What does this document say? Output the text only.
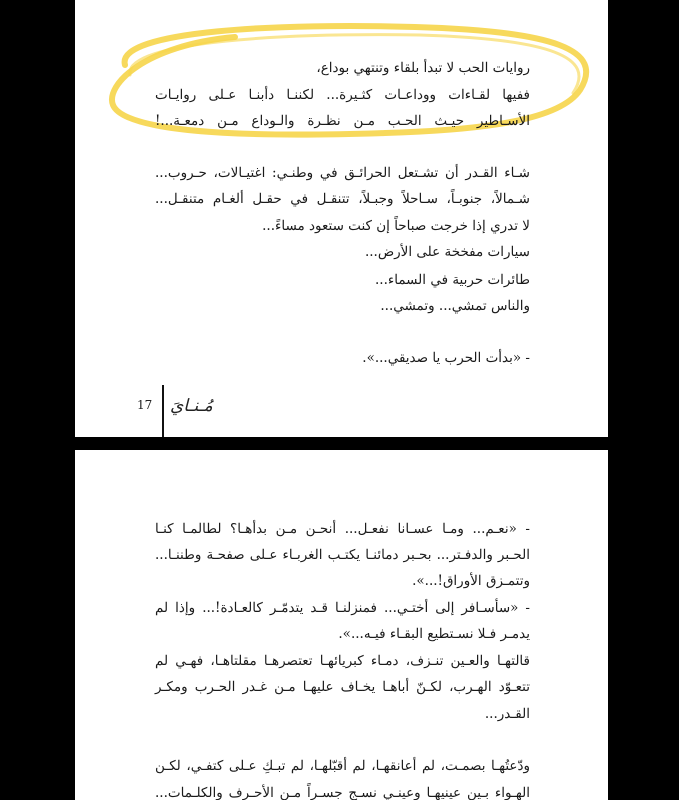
روايات الحب لا تبدأ بلقاء وتنتهي بوداع،
ففيها لقـاءات ووداعـات كثـيرة... لكننـا دأبنـا عـلى روايـات
الأسـاطير حيـث الحـب مـن نظـرة والـوداع مـن دمعـة...!
شـاء القـدر أن تشـتعل الحرائـق في وطنـي: اغتيـالات، حـروب...
شـمالاً، جنوبـاً، سـاحلاً وجبـلاً، تتنقـل في حقـل ألغـام متنقـل...
لا تدري إذا خرجت صباحاً إن كنت ستعود مساءً...
سيارات مفخخة على الأرض...
طائرات حربية في السماء...
والناس تمشي... وتمشي...
- «بدأت الحرب يا صديقي...».
17 مُـنـايَ
- «نعـم... ومـا عسـانا نفعـل... أنحـن مـن بدأهـا؟ لطالمـا كنـا
الحـبر والدفـتر... بحـبر دمائنـا يكتـب الغربـاء عـلى صفحـة وطننـا...
وتتمـزق الأوراق!...».
- «سأسـافر إلى أختـي... فمنزلنـا قـد يتدمّـر كالعـادة!... وإذا لم
يدمـر فـلا نسـتطيع البقـاء فيـه...».
قالتهـا والعـين تنـزف، دمـاء كبريائهـا تعتصرهـا مقلتاهـا، فهـي لم
تتعـوّد الهـرب، لكـنّ أباهـا يخـاف عليهـا مـن غـدر الحـرب ومكـر
القـدر...
ودّعتُهـا بصمـت، لم أعانقهـا، لم أقبّلهـا، لم تبـكِ عـلى كتفـي، لكـن
الهـواء بـين عينيهـا وعينـي نسـج جسـراً مـن الأحـرف والكلـمات...
